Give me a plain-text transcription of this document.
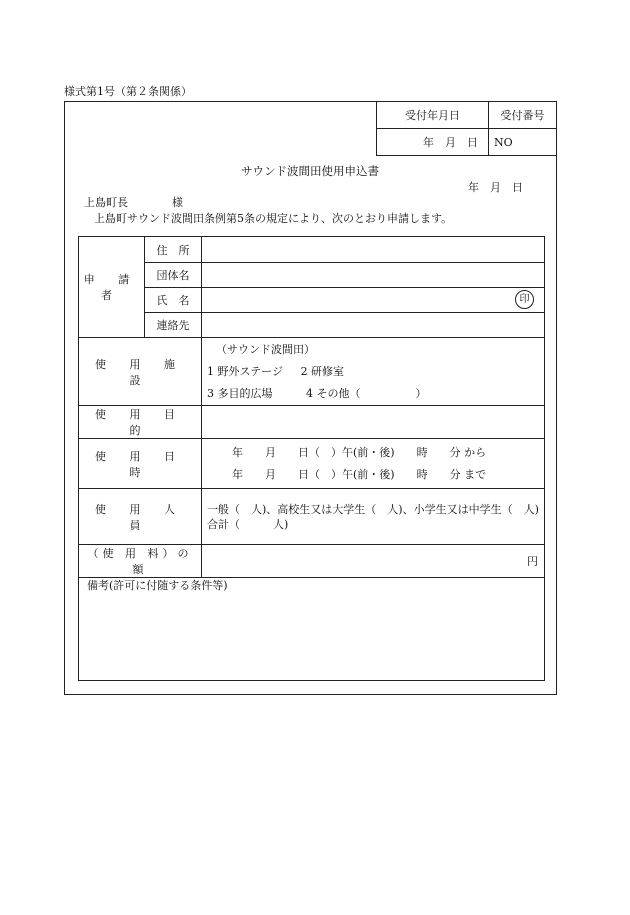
様式第1号（第２条関係）
受付年月日	受付番号
年　月　日	NO
サウンド波間田使用申込書
年　月　日
上島町長　　　　様
上島町サウンド波間田条例第5条の規定により、次のとおり申請します。
申 請 者	住　所	
	団体名	
	氏　名	印

	連絡先	
使 用 施 設		（サウンド波間田）
1 野外ステージ 2 研修室
3 多目的広場 4 その他（　　　　　）

使 用 目 的		
使 用 日 時		年　　月　　日（　）午(前・後)　　時　　分 から
年　　月　　日（　）午(前・後)　　時　　分 まで

使 用 人 員		一般（　人)、高校生又は大学生（　人)、小学生又は中学生（　人)
合計（　　　人)

（使 用 料）の 額		円

備考(許可に付随する条件等)		
